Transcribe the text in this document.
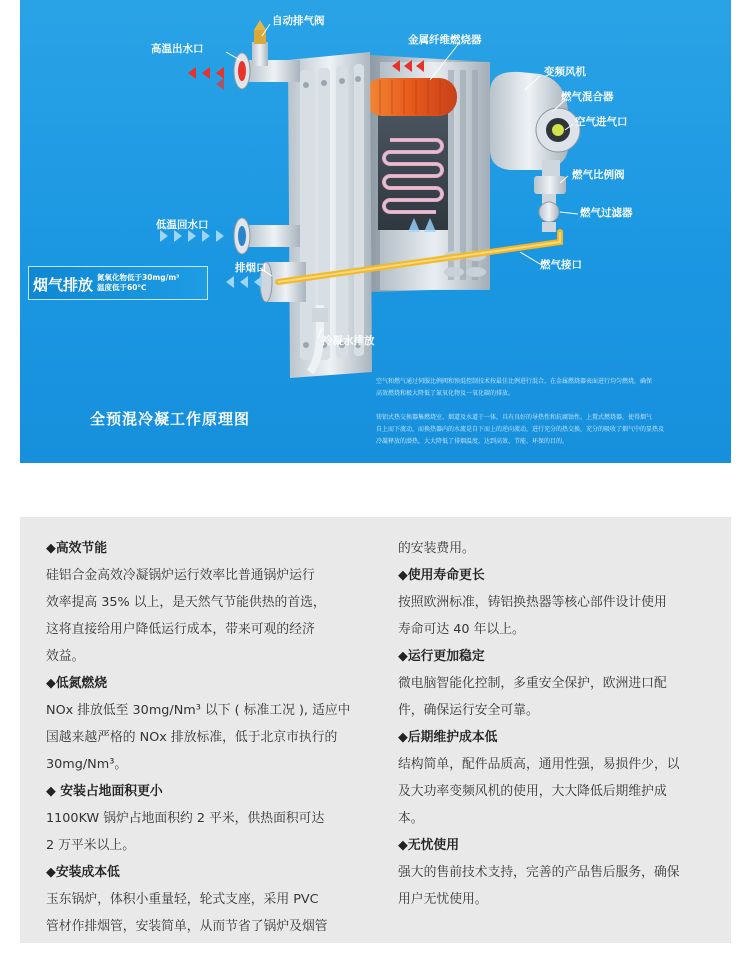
自动排气阀
高温出水口
金属纤维燃烧器
变频风机
燃气混合器
空气进气口
燃气比例阀
燃气过滤器
低温回水口
排烟口	燃气接口
冷凝水排放
烟气排放 氮氧化物低于30mg/m³
温度低于60℃
全预混冷凝工作原理图
空气和燃气通过伺服比例阀和预混控制技术按最佳比例进行混合，在金属燃烧器表面进行均匀燃烧，确保
高效燃烧和极大降低了氮氧化物及一氧化碳的排放。
铸铝式热交换器集燃烧室、烟道及水道于一体，具有良好的导热性和抗腐蚀性。上置式燃烧器，使得烟气
自上而下流动，而换热器内的水流是自下而上的逆向流动，进行充分的热交换，充分的吸收了烟气中的显热及
冷凝释放的潜热，大大降低了排烟温度，达到高效、节能、环保的目的。

◆高效节能

硅铝合金高效冷凝锅炉运行效率比普通锅炉运行

效率提高 35% 以上，是天然气节能供热的首选，

这将直接给用户降低运行成本，带来可观的经济

效益。

◆低氮燃烧

NOx 排放低至 30mg/Nm³ 以下 ( 标准工况 ), 适应中

国越来越严格的 NOx 排放标准，低于北京市执行的

30mg/Nm³。

◆ 安装占地面积更小

1100KW 锅炉占地面积约 2 平米，供热面积可达

2 万平米以上。

◆安装成本低

玉东锅炉，体积小重量轻，轮式支座，采用 PVC

管材作排烟管，安装简单，从而节省了锅炉及烟管

的安装费用。

◆使用寿命更长

按照欧洲标准，铸铝换热器等核心部件设计使用

寿命可达 40 年以上。

◆运行更加稳定

微电脑智能化控制，多重安全保护，欧洲进口配

件，确保运行安全可靠。

◆后期维护成本低

结构简单，配件品质高，通用性强，易损件少，以

及大功率变频风机的使用，大大降低后期维护成

本。

◆无忧使用

强大的售前技术支持，完善的产品售后服务，确保

用户无忧使用。
